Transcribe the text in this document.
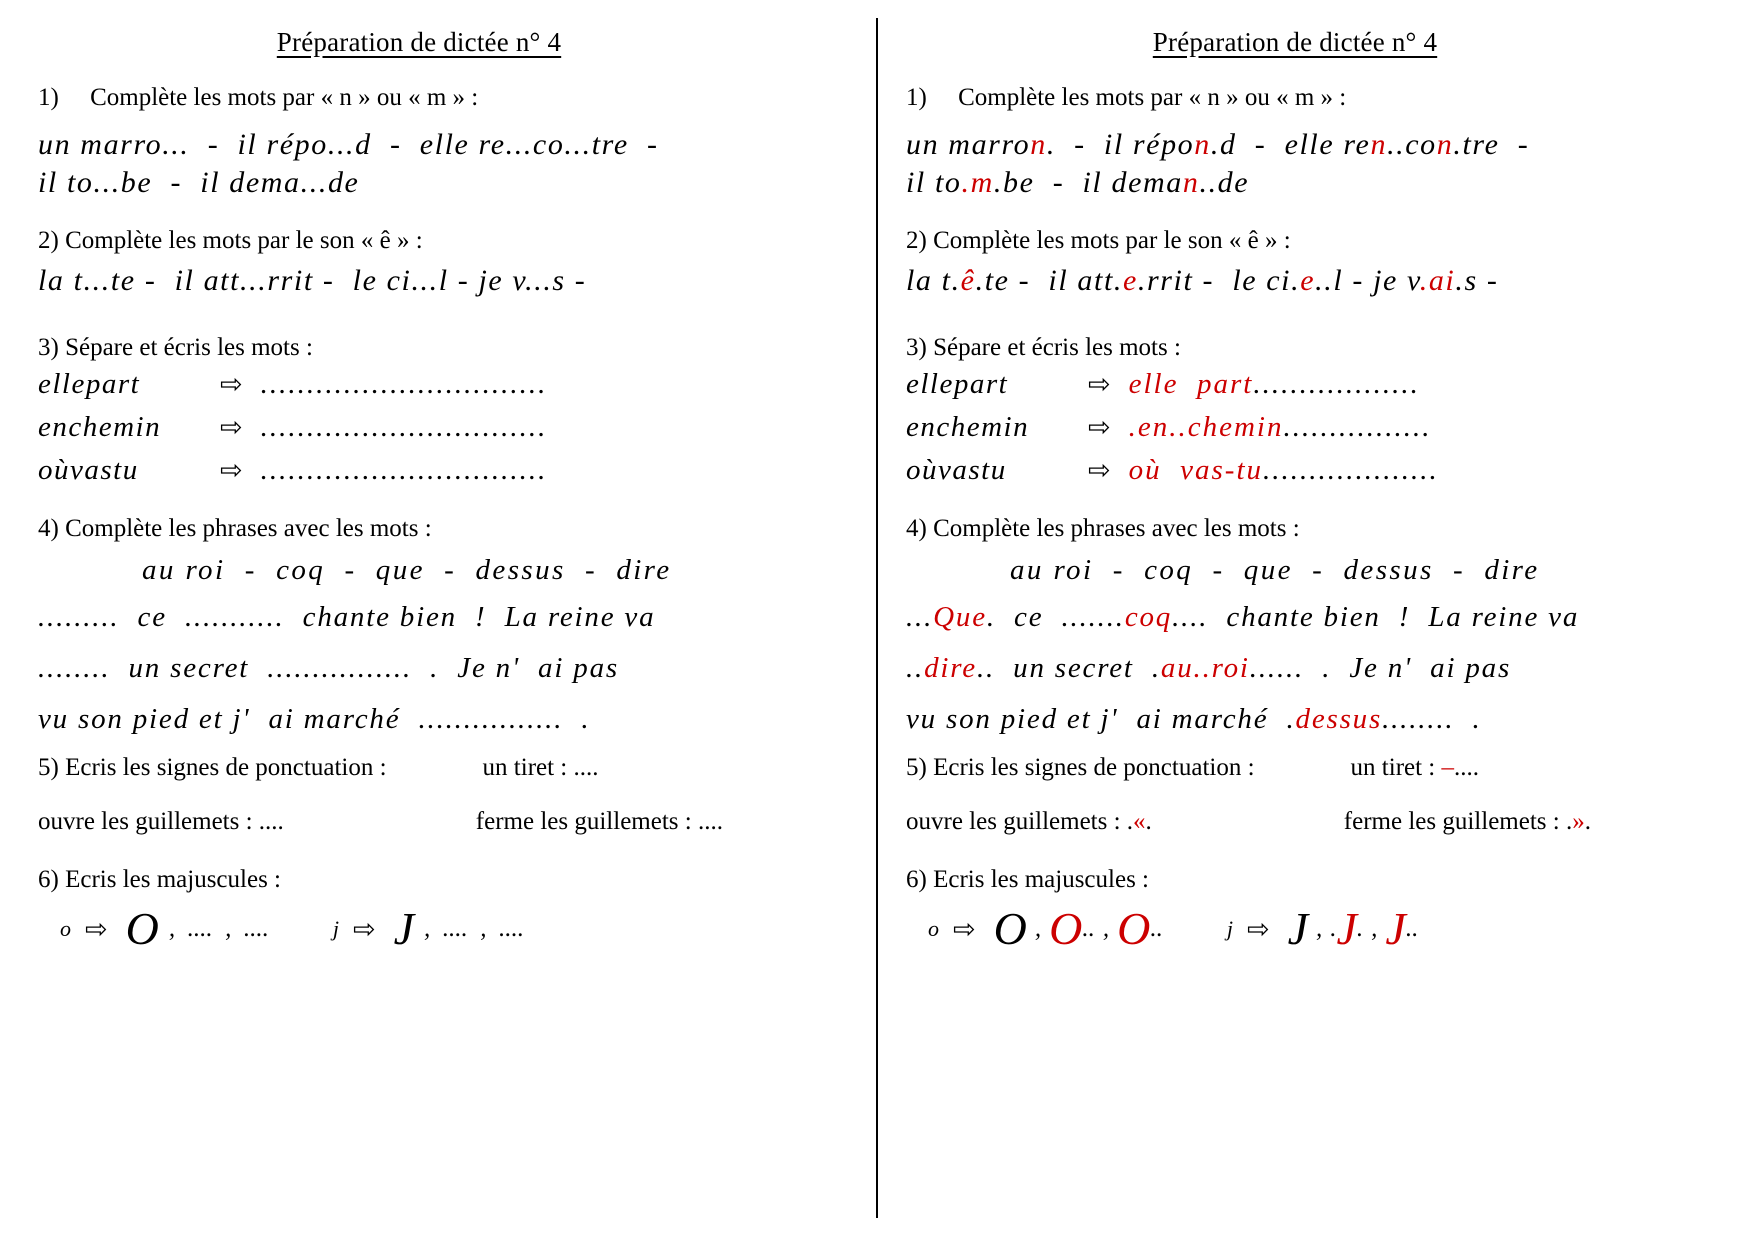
Préparation de dictée n° 4
1)     Complète les mots par « n » ou « m » :
un marro...  -  il répo...d  -  elle re...co...tre  -
il to...be  -  il dema...de
2) Complète les mots par le son « ê » :
la t...te -  il att...rrit -  le ci...l - je v...s -
3) Sépare et écris les mots :
ellepart	⇨ ...............................
enchemin	⇨ ...............................
oùvastu	⇨ ...............................
4) Complète les phrases avec les mots :
au roi  -  coq  -  que  -  dessus  -  dire
.........  ce  ...........  chante bien  !  La reine va
........  un secret  ................  .  Je n'  ai pas
vu son pied et j'  ai marché  ................  .
5) Ecris les signes de ponctuation :	un tiret : ....
ouvre les guillemets : ....	ferme les guillemets : ....
6) Ecris les majuscules :
o ⇨ O ,  ....  ,  ....	j ⇨ J ,  ....  ,  ....
Préparation de dictée n° 4
1)     Complète les mots par « n » ou « m » :
un marron.  -  il répon.d  -  elle ren..con.tre  -
il to.m.be  -  il deman..de
2) Complète les mots par le son « ê » :
la t.ê.te -  il att.e.rrit -  le ci.e..l - je v.ai.s -
3) Sépare et écris les mots :
ellepart	⇨ elle  part ..................
enchemin	⇨ .en..chemin ................
oùvastu	⇨ où  vas-tu ...................
4) Complète les phrases avec les mots :
au roi  -  coq  -  que  -  dessus  -  dire
...Que.  ce  .......coq....  chante bien  !  La reine va
..dire..  un secret  .au..roi......  .  Je n'  ai pas
vu son pied et j'  ai marché  .dessus........  .
5) Ecris les signes de ponctuation :	un tiret : –....
ouvre les guillemets : .«.	ferme les guillemets : .».
6) Ecris les majuscules :
o ⇨ O , O .. , O ..	j ⇨ J , . J . , J ..
